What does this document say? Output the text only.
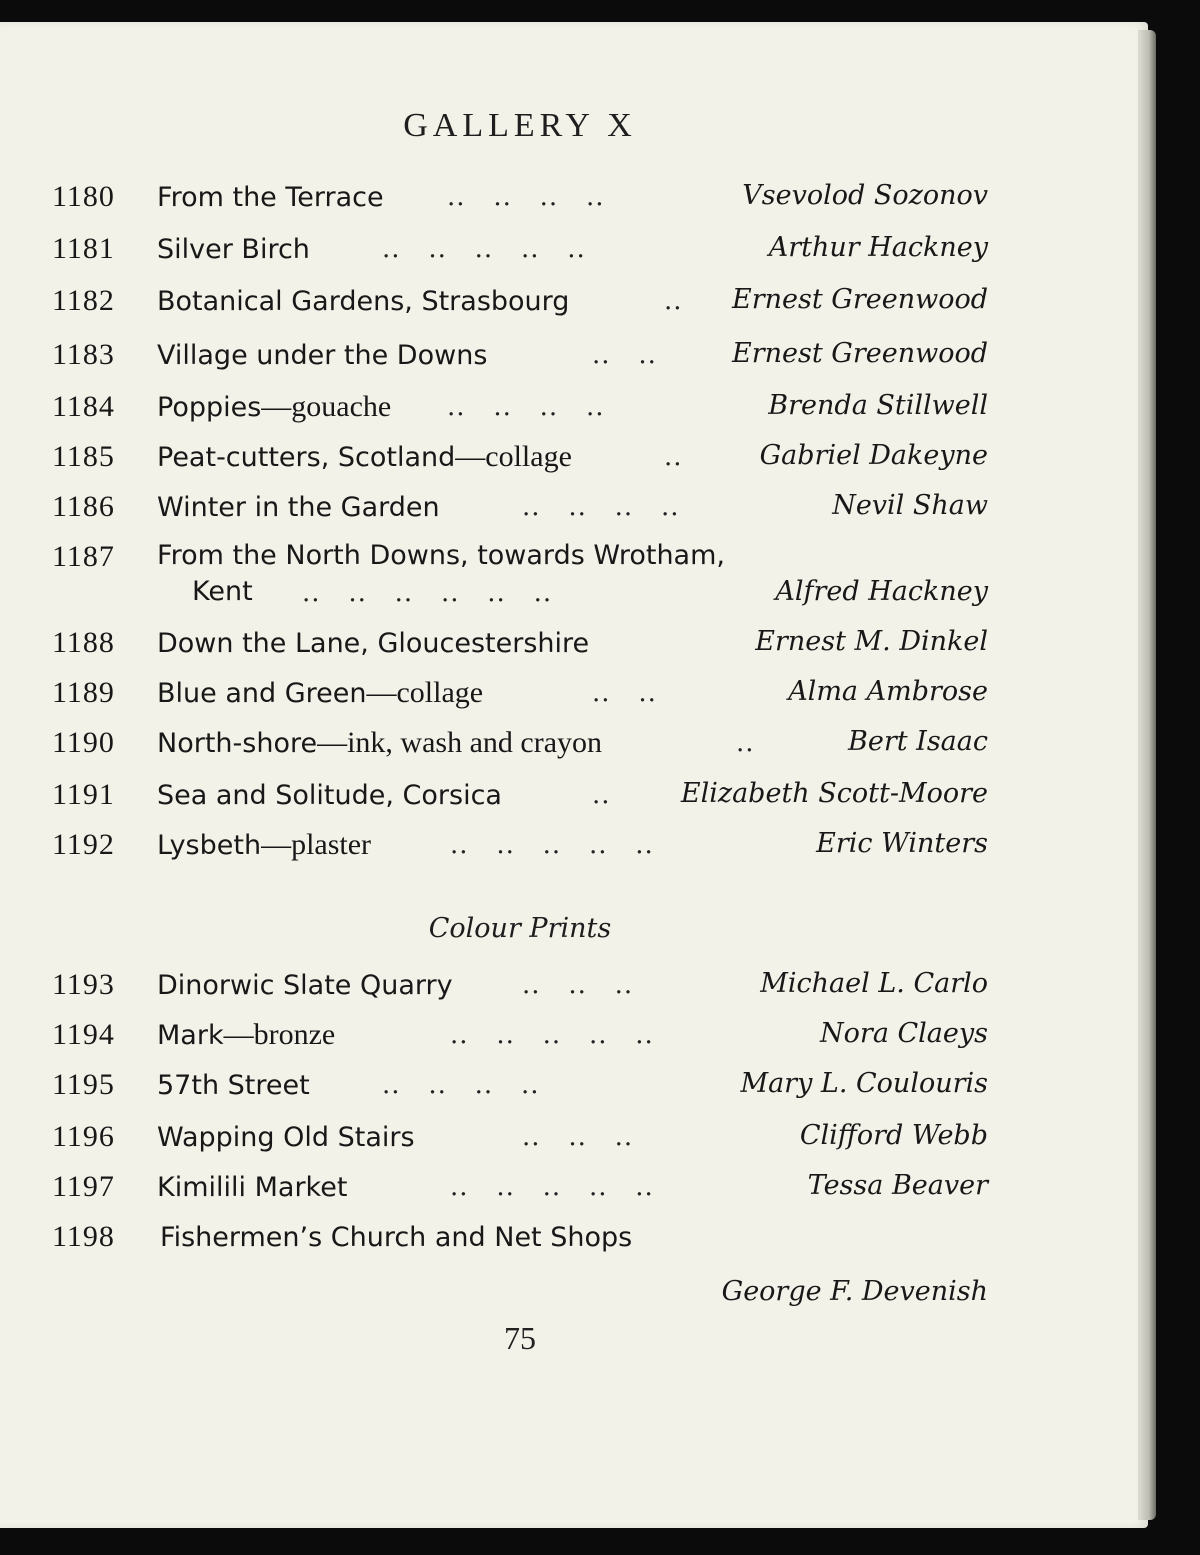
GALLERY X
1180 From the Terrace ..   ..   ..   ..	Vsevolod Sozonov
1181 Silver Birch	..   ..   ..   ..   ..	Arthur Hackney
1182 Botanical Gardens, Strasbourg	.. Ernest Greenwood
1183 Village under the Downs	..   ..	Ernest Greenwood
1184 Poppies—gouache ..   ..   ..   ..	Brenda Stillwell
1185 Peat-cutters, Scotland—collage	..	Gabriel Dakeyne
1186 Winter in the Garden	..   ..   ..   ..	Nevil Shaw
1187 From the North Downs, towards Wrotham,
Kent ..   ..   ..   ..   ..   ..	Alfred Hackney
1188 Down the Lane, Gloucestershire	Ernest M. Dinkel
1189 Blue and Green—collage	..   ..	Alma Ambrose
1190 North-shore—ink, wash and crayon	..	Bert Isaac
1191 Sea and Solitude, Corsica	..	Elizabeth Scott-Moore
1192 Lysbeth—plaster	..   ..   ..   ..   ..	Eric Winters
Colour Prints
1193 Dinorwic Slate Quarry	..   ..   ..	Michael L. Carlo
1194 Mark—bronze	..   ..   ..   ..   ..	Nora Claeys
1195 57th Street	..   ..   ..   ..	Mary L. Coulouris
1196 Wapping Old Stairs	..   ..   ..	Clifford Webb
1197 Kimilili Market	..   ..   ..   ..   ..	Tessa Beaver
1198 Fishermen’s Church and Net Shops
George F. Devenish
75
